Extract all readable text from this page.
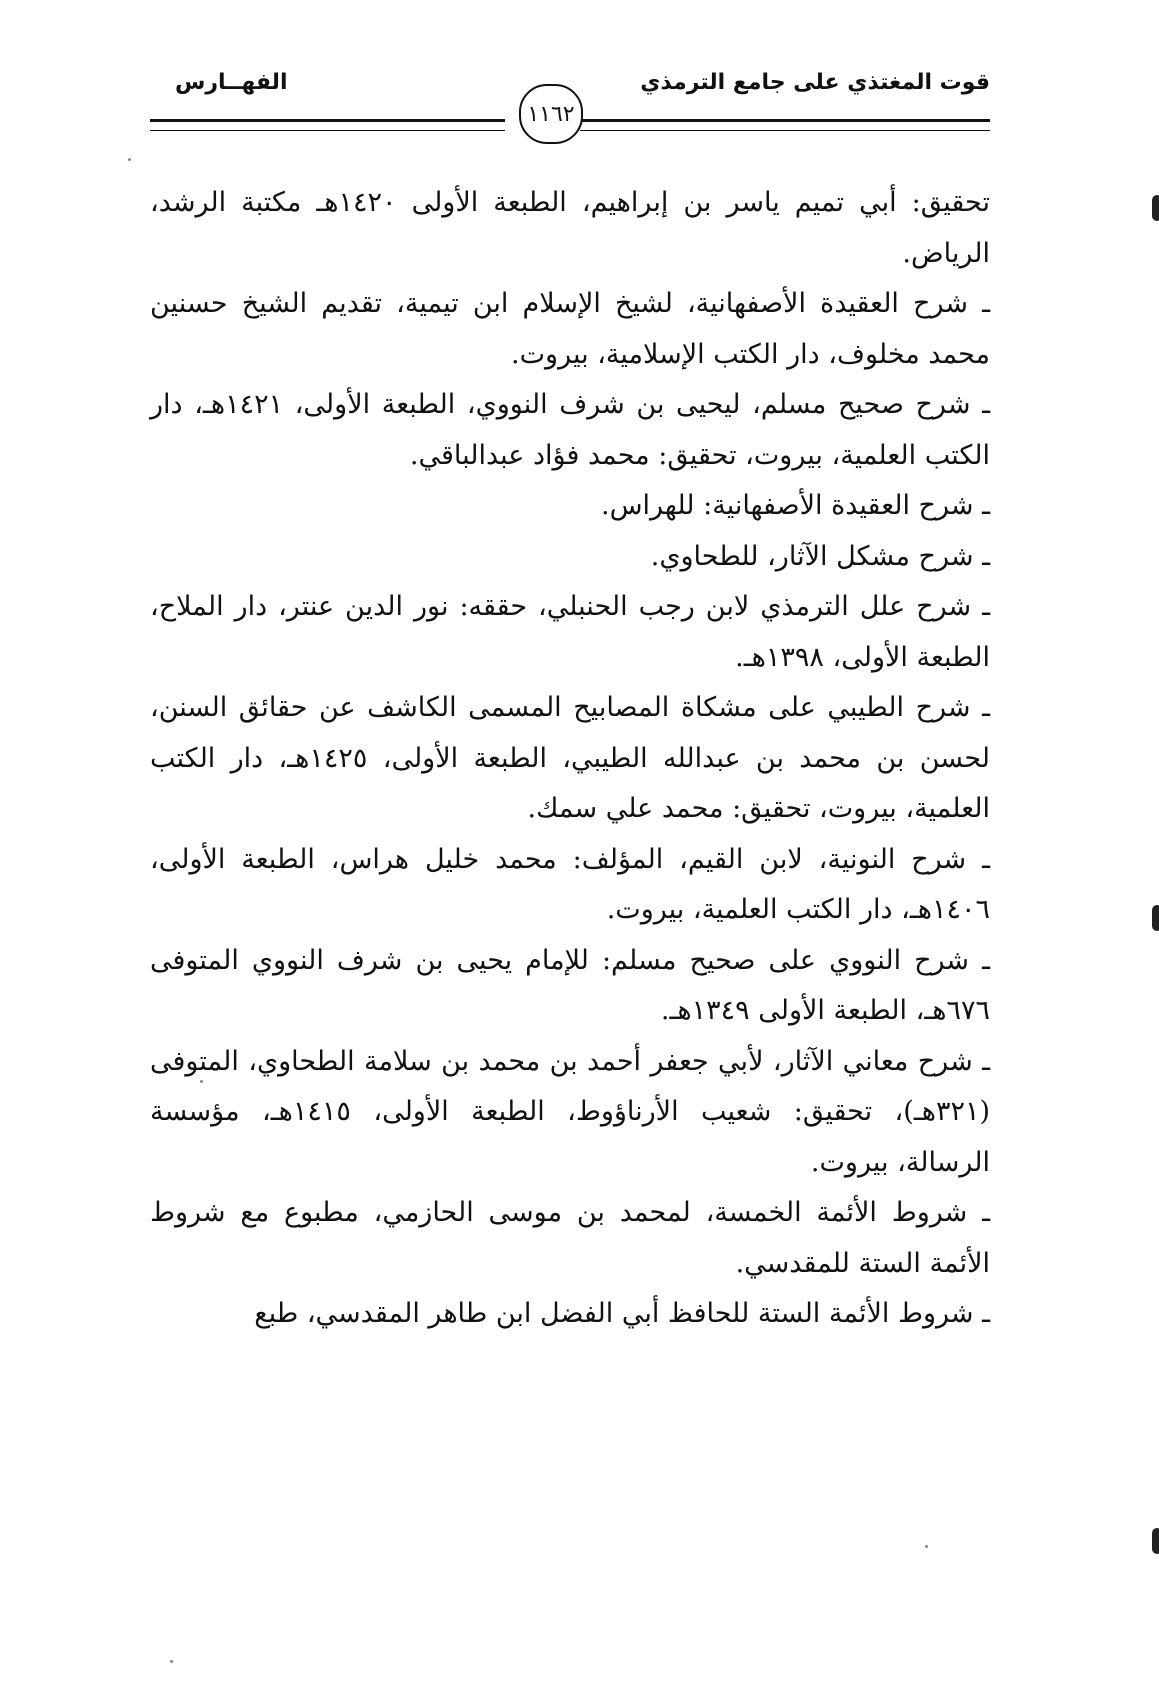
قوت المغتذي على جامع الترمذي
١١٦٢
الفهــارس

تحقيق: أبي تميم ياسر بن إبراهيم، الطبعة الأولى ١٤٢٠هـ مكتبة الرشد، الرياض.

ـ شرح العقيدة الأصفهانية، لشيخ الإسلام ابن تيمية، تقديم الشيخ حسنين محمد مخلوف، دار الكتب الإسلامية، بيروت.

ـ شرح صحيح مسلم، ليحيى بن شرف النووي، الطبعة الأولى، ١٤٢١هـ، دار الكتب العلمية، بيروت، تحقيق: محمد فؤاد عبدالباقي.

ـ شرح العقيدة الأصفهانية: للهراس.

ـ شرح مشكل الآثار، للطحاوي.

ـ شرح علل الترمذي لابن رجب الحنبلي، حققه: نور الدين عنتر، دار الملاح، الطبعة الأولى، ١٣٩٨هـ.

ـ شرح الطيبي على مشكاة المصابيح المسمى الكاشف عن حقائق السنن، لحسن بن محمد بن عبدالله الطيبي، الطبعة الأولى، ١٤٢٥هـ، دار الكتب العلمية، بيروت، تحقيق: محمد علي سمك.

ـ شرح النونية، لابن القيم، المؤلف: محمد خليل هراس، الطبعة الأولى، ١٤٠٦هـ، دار الكتب العلمية، بيروت.

ـ شرح النووي على صحيح مسلم: للإمام يحيى بن شرف النووي المتوفى ٦٧٦هـ، الطبعة الأولى ١٣٤٩هـ.

ـ شرح معاني الآثار، لأبي جعفر أحمد بن محمد بن سلامة الطحاوي، المتوفى (٣٢١هـ)، تحقيق: شعيب الأرناؤوط، الطبعة الأولى، ١٤١٥هـ، مؤسسة الرسالة، بيروت.

ـ شروط الأئمة الخمسة، لمحمد بن موسى الحازمي، مطبوع مع شروط الأئمة الستة للمقدسي.

ـ شروط الأئمة الستة للحافظ أبي الفضل ابن طاهر المقدسي، طبع
